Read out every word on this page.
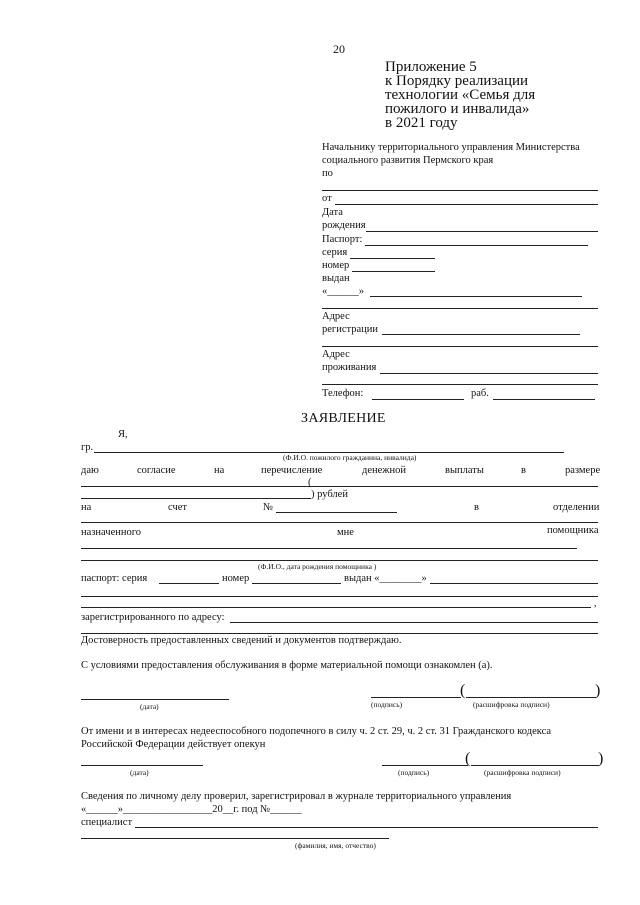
20
Приложение 5
к Порядку реализации
технологии «Семья для
пожилого и инвалида»
в 2021 году
Начальнику территориального управления Министерства
социального развития Пермского края
по
от
Дата
рождения
Паспорт:
серия
номер
выдан
«______»
Адрес
регистрации
Адрес
проживания
Телефон:	раб.
ЗАЯВЛЕНИЕ
Я,
гр.
(Ф.И.О. пожилого гражданина, инвалида)
даю	согласие	на	перечисление	денежной	выплаты	в	размере
(
) рублей
на	счет	№	в	отделении
назначенного	мне	помощника
(Ф.И.О., дата рождения помощника )
паспорт: серия	номер	выдан «________»
,
зарегистрированного по адресу:
Достоверность предоставленных сведений и документов подтверждаю.
С условиями предоставления обслуживания в форме материальной помощи ознакомлен (а).
(дата)	(подпись)
(	)
(расшифровка подписи)
От имени и в интересах недееспособного подопечного в силу ч. 2 ст. 29, ч. 2 ст. 31 Гражданского кодекса
Российской Федерации действует опекун
(дата)	(подпись)
(	)
(расшифровка подписи)
Сведения по личному делу проверил, зарегистрировал в журнале территориального управления
«______»_________________20__г. под №______
специалист
(фамилия, имя, отчество)
